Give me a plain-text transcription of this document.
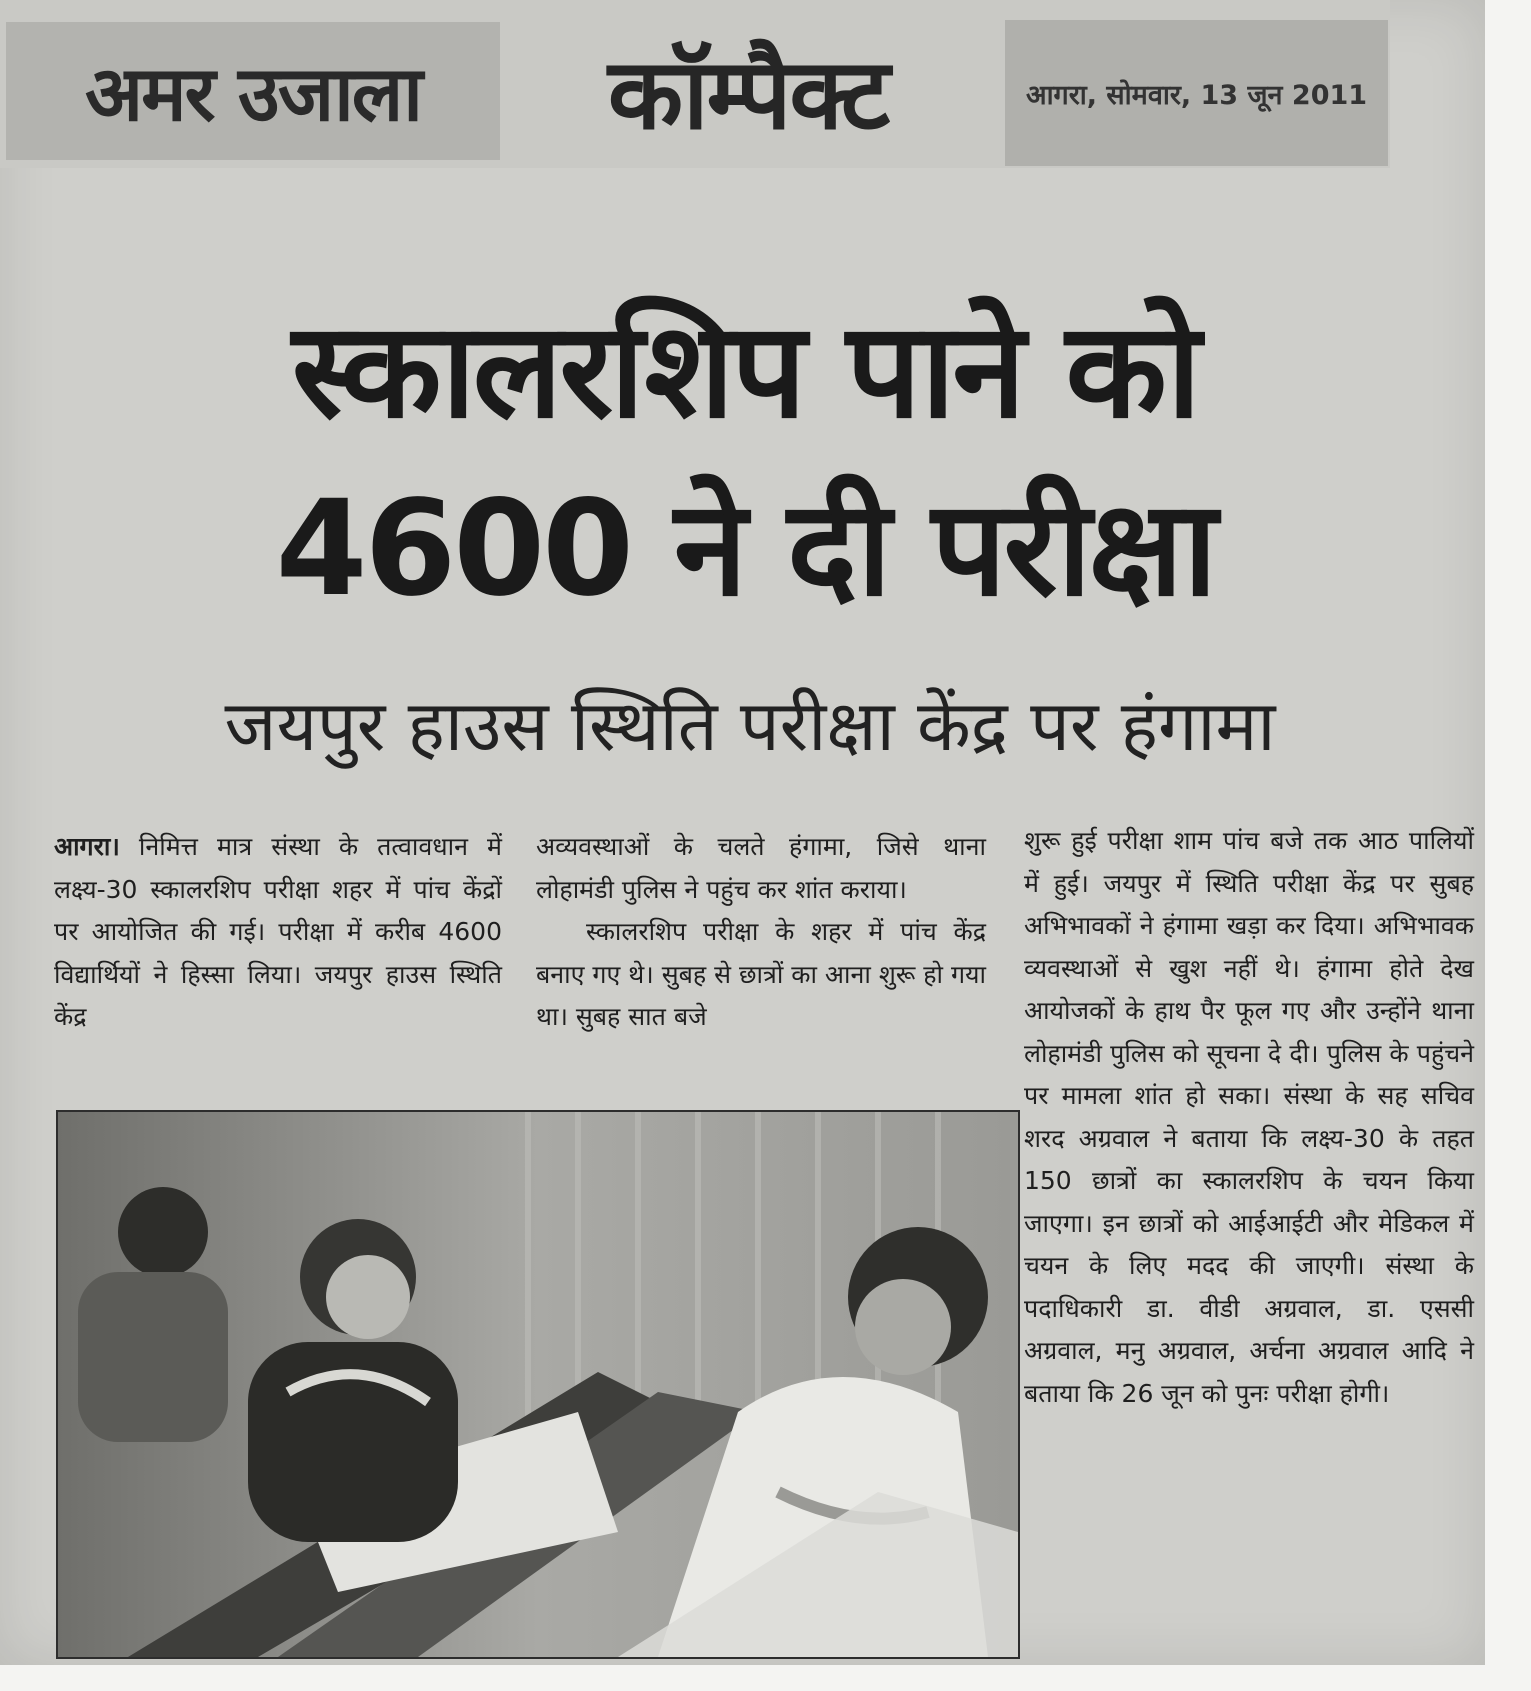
अमर उजाला	कॉम्पैक्ट	आगरा, सोमवार, 13 जून 2011
स्कालरशिप पाने को
4600 ने दी परीक्षा
जयपुर हाउस स्थिति परीक्षा केंद्र पर हंगामा

आगरा। निमित्त मात्र संस्था के तत्वावधान में लक्ष्य-30 स्कालरशिप परीक्षा शहर में पांच केंद्रों पर आयोजित की गई। परीक्षा में करीब 4600 विद्यार्थियों ने हिस्सा लिया। जयपुर हाउस स्थिति केंद्र

अव्यवस्थाओं के चलते हंगामा, जिसे थाना लोहामंडी पुलिस ने पहुंच कर शांत कराया।

स्कालरशिप परीक्षा के शहर में पांच केंद्र बनाए गए थे। सुबह से छात्रों का आना शुरू हो गया था। सुबह सात बजे

शुरू हुई परीक्षा शाम पांच बजे तक आठ पालियों में हुई। जयपुर में स्थिति परीक्षा केंद्र पर सुबह अभिभावकों ने हंगामा खड़ा कर दिया। अभिभावक व्यवस्थाओं से खुश नहीं थे। हंगामा होते देख आयोजकों के हाथ पैर फूल गए और उन्होंने थाना लोहामंडी पुलिस को सूचना दे दी। पुलिस के पहुंचने पर मामला शांत हो सका। संस्था के सह सचिव शरद अग्रवाल ने बताया कि लक्ष्य-30 के तहत 150 छात्रों का स्कालरशिप के चयन किया जाएगा। इन छात्रों को आईआईटी और मेडिकल में चयन के लिए मदद की जाएगी। संस्था के पदाधिकारी डा. वीडी अग्रवाल, डा. एससी अग्रवाल, मनु अग्रवाल, अर्चना अग्रवाल आदि ने बताया कि 26 जून को पुनः परीक्षा होगी।
